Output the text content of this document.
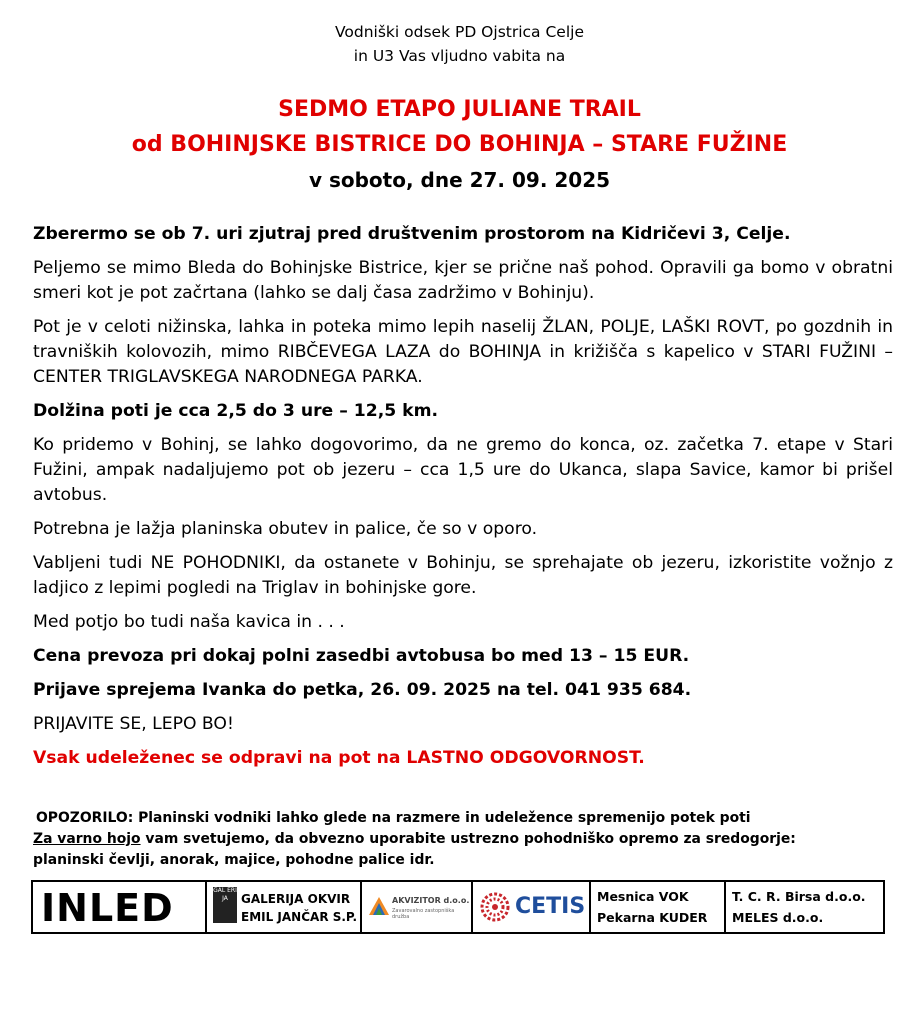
Vodniški odsek PD Ojstrica Celje
in U3 Vas vljudno vabita na
SEDMO ETAPO JULIANE TRAIL
od BOHINJSKE BISTRICE DO BOHINJA – STARE FUŽINE
v soboto, dne 27. 09. 2025

Zberermo se ob 7. uri zjutraj pred društvenim prostorom na Kidričevi 3, Celje.

Peljemo se mimo Bleda do Bohinjske Bistrice, kjer se prične naš pohod. Opravili ga bomo v obratni smeri kot je pot začrtana (lahko se dalj časa zadržimo v Bohinju).

Pot je v celoti nižinska, lahka in poteka mimo lepih naselij ŽLAN, POLJE, LAŠKI ROVT, po gozdnih in travniških kolovozih, mimo RIBČEVEGA LAZA do BOHINJA in križišča s kapelico v STARI FUŽINI – CENTER TRIGLAVSKEGA NARODNEGA PARKA.

Dolžina poti je cca 2,5 do 3 ure – 12,5 km.

Ko pridemo v Bohinj, se lahko dogovorimo, da ne gremo do konca, oz. začetka 7. etape v Stari Fužini, ampak nadaljujemo pot ob jezeru – cca 1,5 ure do Ukanca, slapa Savice, kamor bi prišel avtobus.

Potrebna je lažja planinska obutev in palice, če so v oporo.

Vabljeni tudi NE POHODNIKI, da ostanete v Bohinju, se sprehajate ob jezeru, izkoristite vožnjo z ladjico z lepimi pogledi na Triglav in bohinjske gore.

Med potjo bo tudi naša kavica in . . .

Cena prevoza pri dokaj polni zasedbi avtobusa bo med 13 – 15 EUR.

Prijave sprejema Ivanka do petka, 26. 09. 2025 na tel. 041 935 684.

PRIJAVITE SE, LEPO BO!

Vsak udeleženec se odpravi na pot na LASTNO ODGOVORNOST.

OPOZORILO: Planinski vodniki lahko glede na razmere in udeležence spremenijo potek poti
Za varno hojo vam svetujemo, da obvezno uporabite ustrezno pohodniško opremo za sredogorje:
planinski čevlji, anorak, majice, pohodne palice idr.
INLED	GAL ERI JA	GALERIJA OKVIR
EMIL JANČAR S.P.
AKVIZITOR d.o.o.
Zavarovalno zastopniška družba	CETIS Mesnica VOK
Pekarna KUDER
T. C. R. Birsa d.o.o.
MELES d.o.o.
